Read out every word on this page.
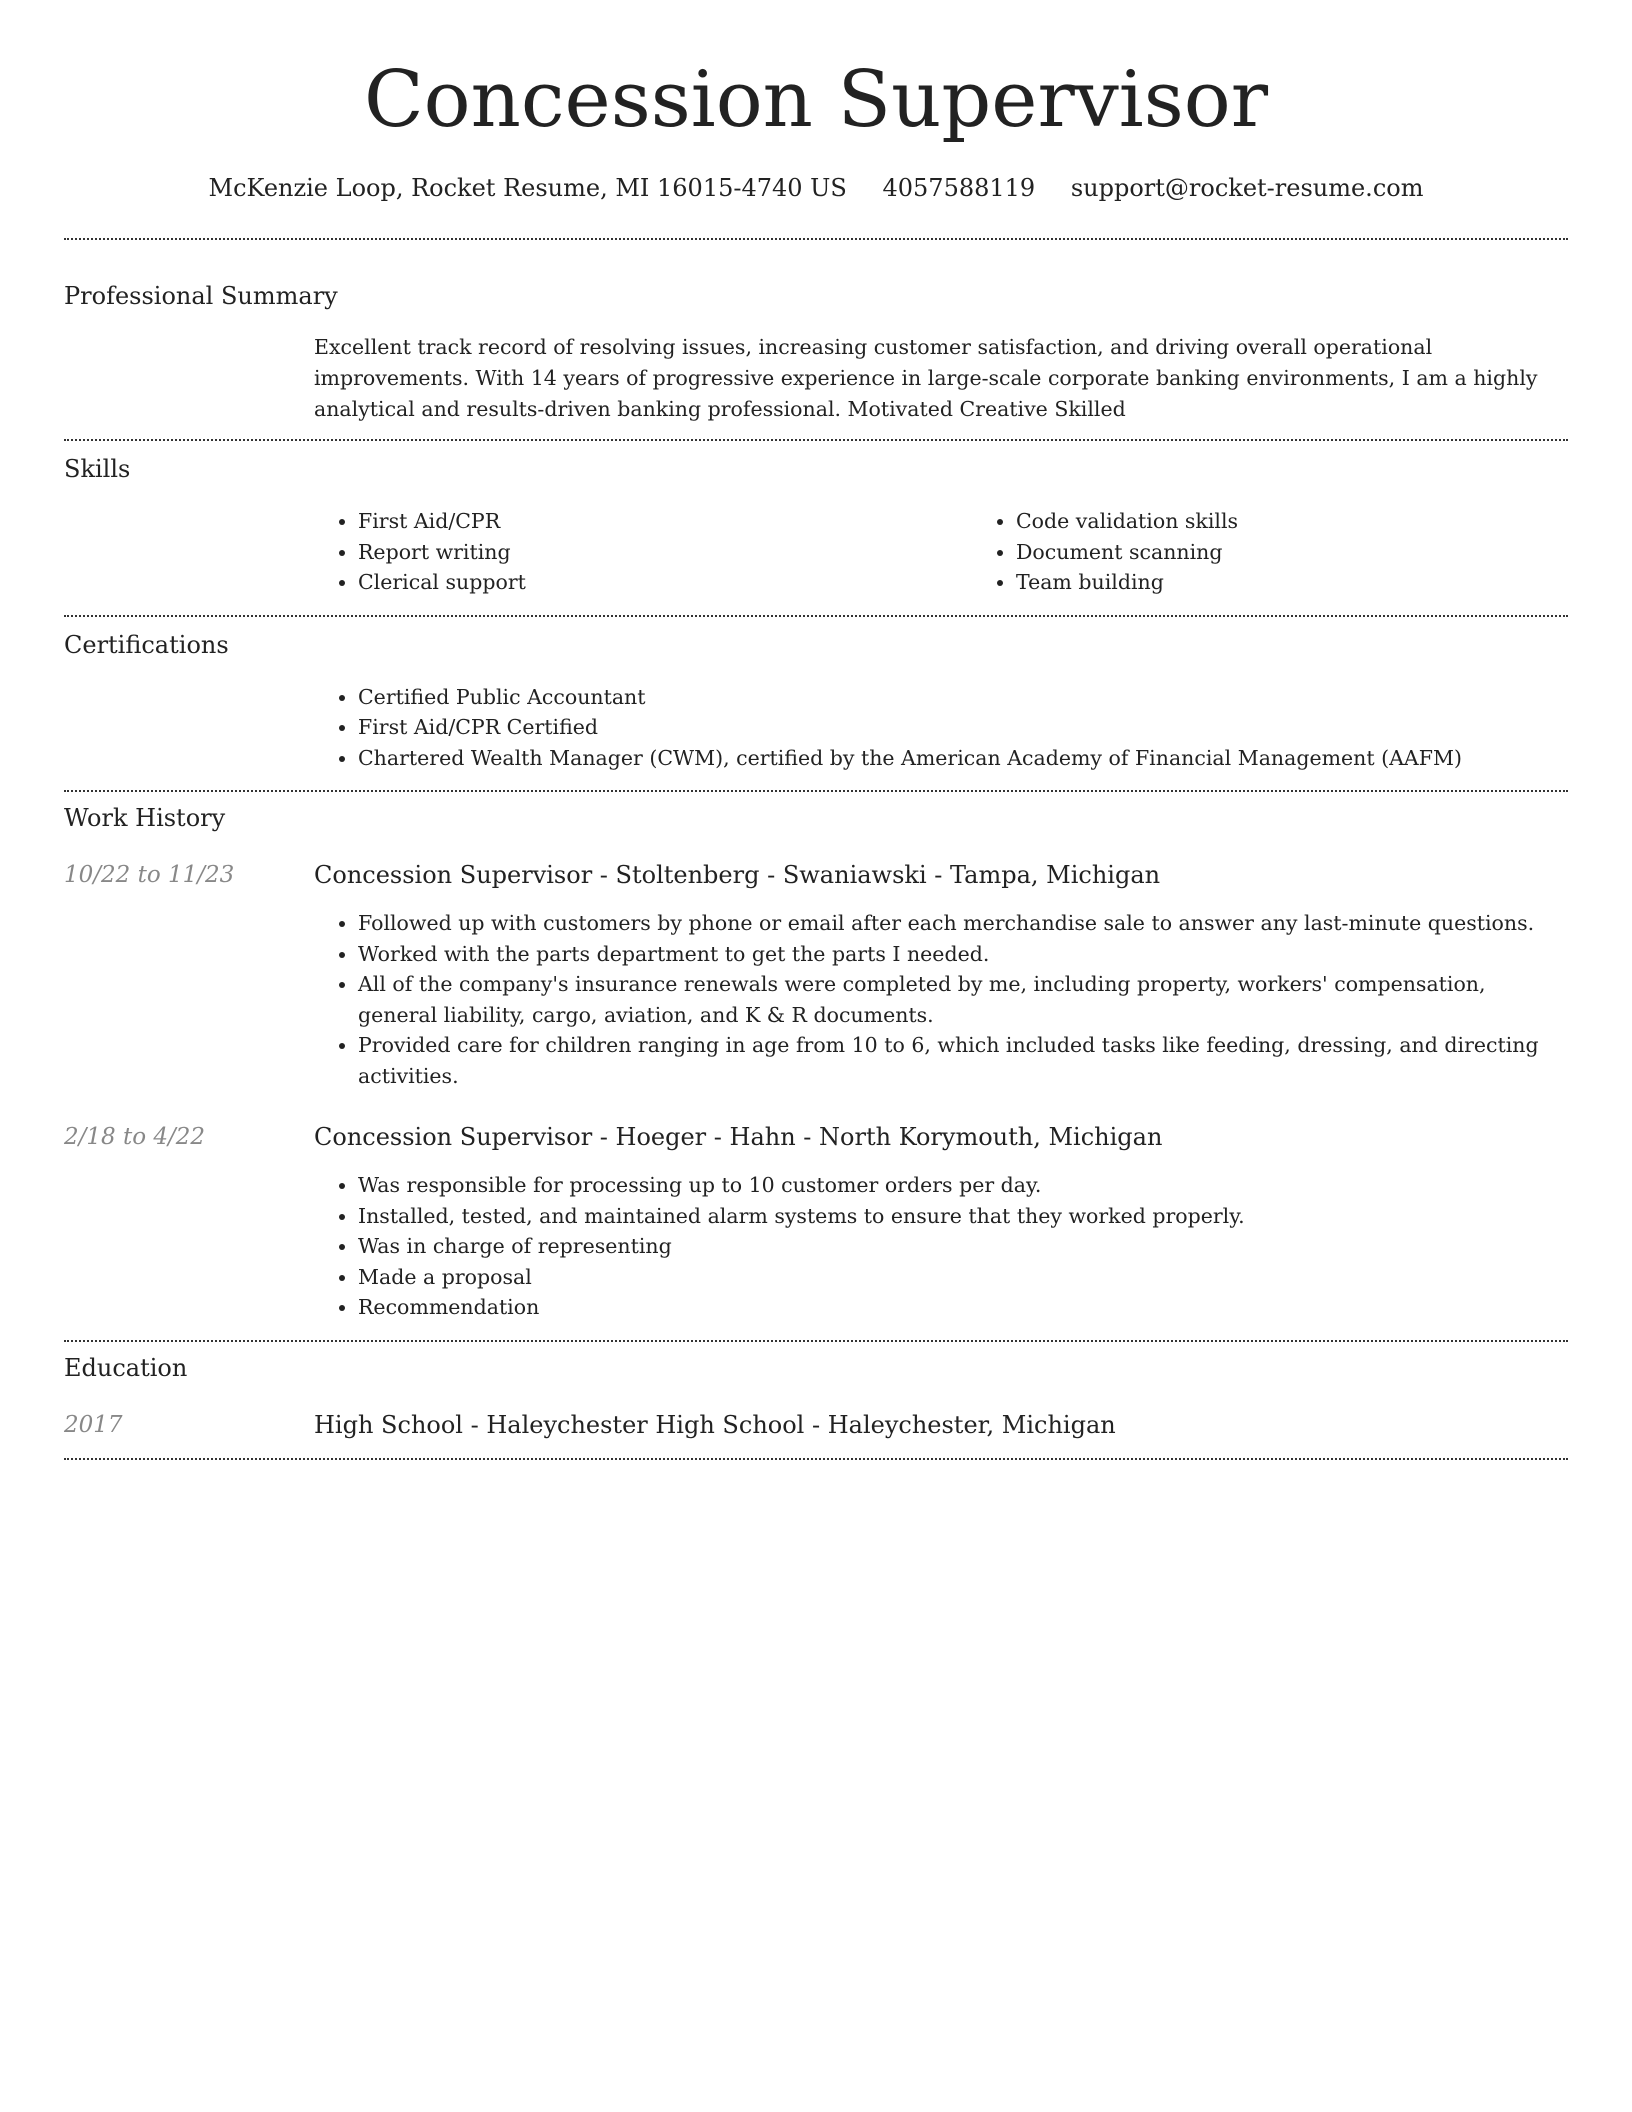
Concession Supervisor
McKenzie Loop, Rocket Resume, MI 16015-4740 US 4057588119 support@rocket-resume.com
Professional Summary

Excellent track record of resolving issues, increasing customer satisfaction, and driving overall operational improvements. With 14 years of progressive experience in large-scale corporate banking environments, I am a highly analytical and results-driven banking professional. Motivated Creative Skilled

Skills
• First Aid/CPR
• Report writing
• Clerical support
• Code validation skills
• Document scanning
• Team building
Certifications
• Certified Public Accountant
• First Aid/CPR Certified
• Chartered Wealth Manager (CWM), certified by the American Academy of Financial Management (AAFM)
Work History
10/22 to 11/23	Concession Supervisor - Stoltenberg - Swaniawski - Tampa, Michigan
• Followed up with customers by phone or email after each merchandise sale to answer any last-minute questions.
• Worked with the parts department to get the parts I needed.
• All of the company's insurance renewals were completed by me, including property, workers' compensation, general liability, cargo, aviation, and K & R documents.
• Provided care for children ranging in age from 10 to 6, which included tasks like feeding, dressing, and directing activities.
2/18 to 4/22	Concession Supervisor - Hoeger - Hahn - North Korymouth, Michigan
• Was responsible for processing up to 10 customer orders per day.
• Installed, tested, and maintained alarm systems to ensure that they worked properly.
• Was in charge of representing
• Made a proposal
• Recommendation
Education
2017	High School - Haleychester High School - Haleychester, Michigan
